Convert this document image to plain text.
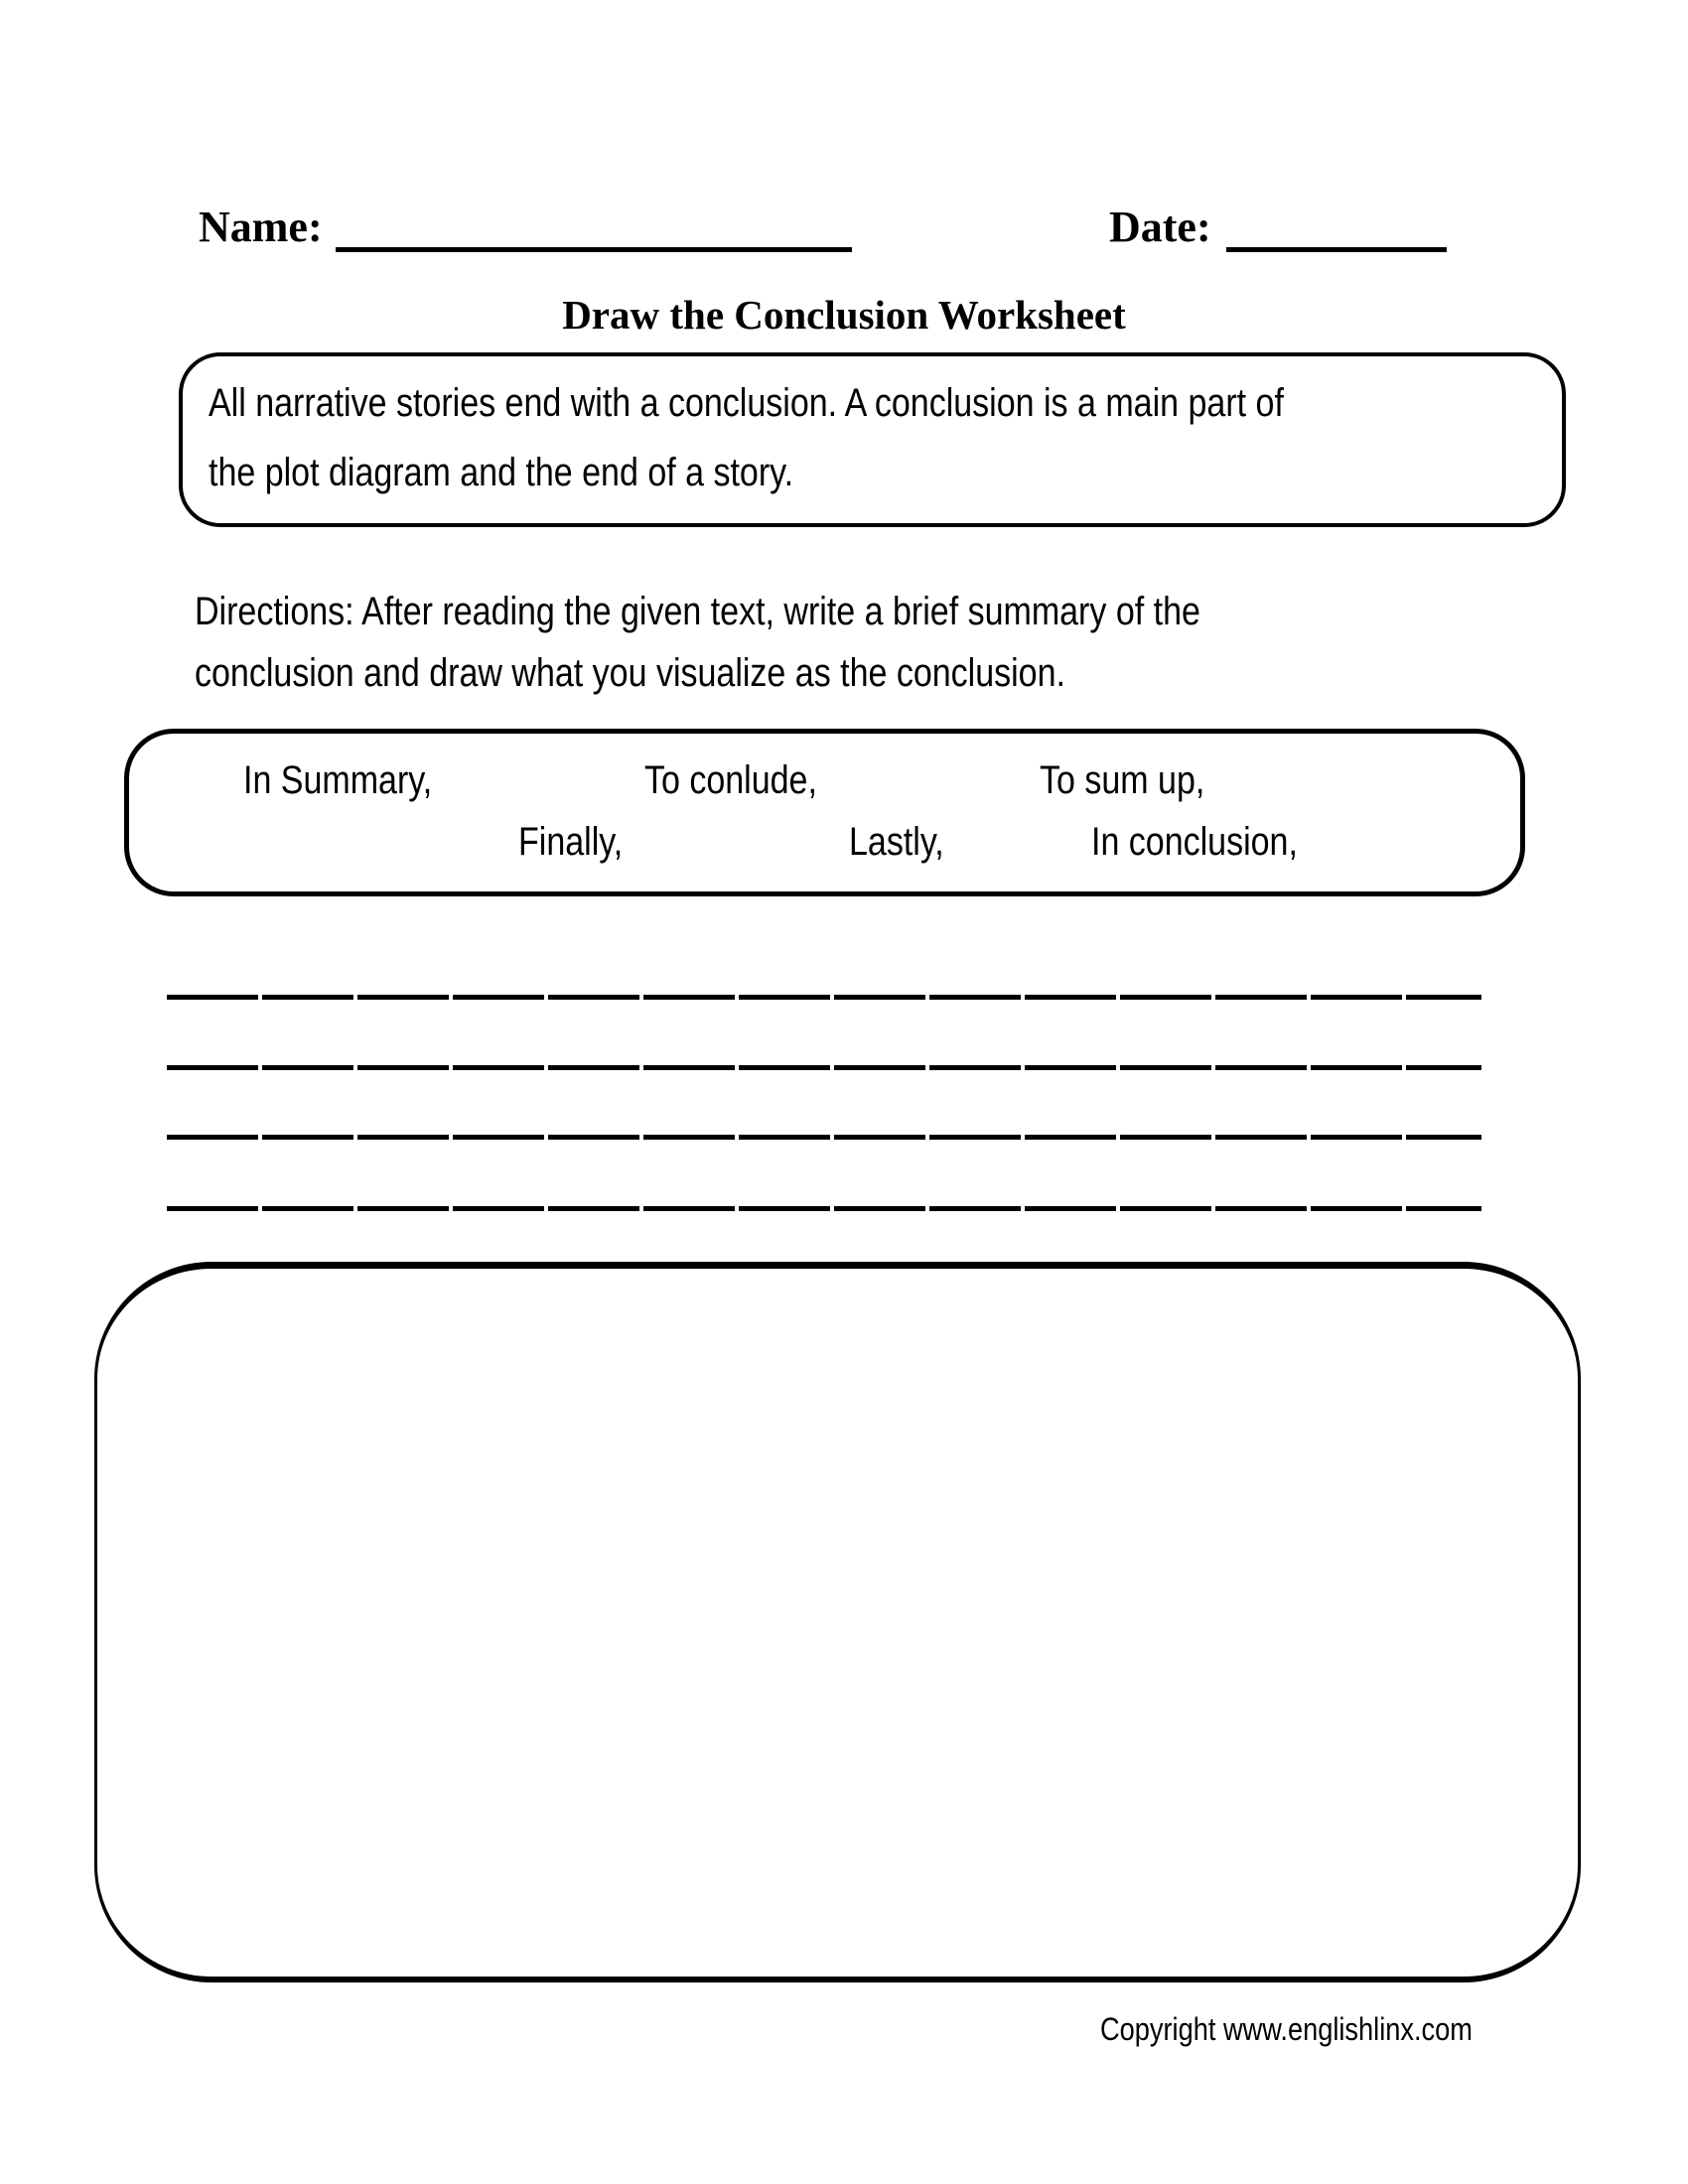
Name:	Date:
Draw the Conclusion Worksheet
All narrative stories end with a conclusion. A conclusion is a main part of
the plot diagram and the end of a story.
Directions: After reading the given text, write a brief summary of the
conclusion and draw what you visualize as the conclusion.
In Summary,	To conlude,	To sum up,
Finally,	Lastly,	In conclusion,
Copyright www.englishlinx.com
